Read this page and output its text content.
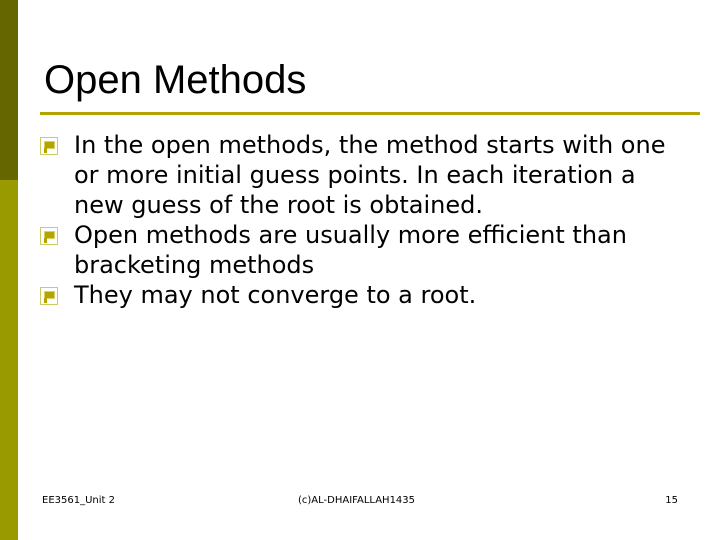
Open Methods
In the open methods, the method starts with one or more initial guess points. In each iteration a new guess of the root is obtained.
Open methods are usually more efficient than bracketing methods
They may not converge to a root.
EE3561_Unit 2	(c)AL-DHAIFALLAH1435	15
